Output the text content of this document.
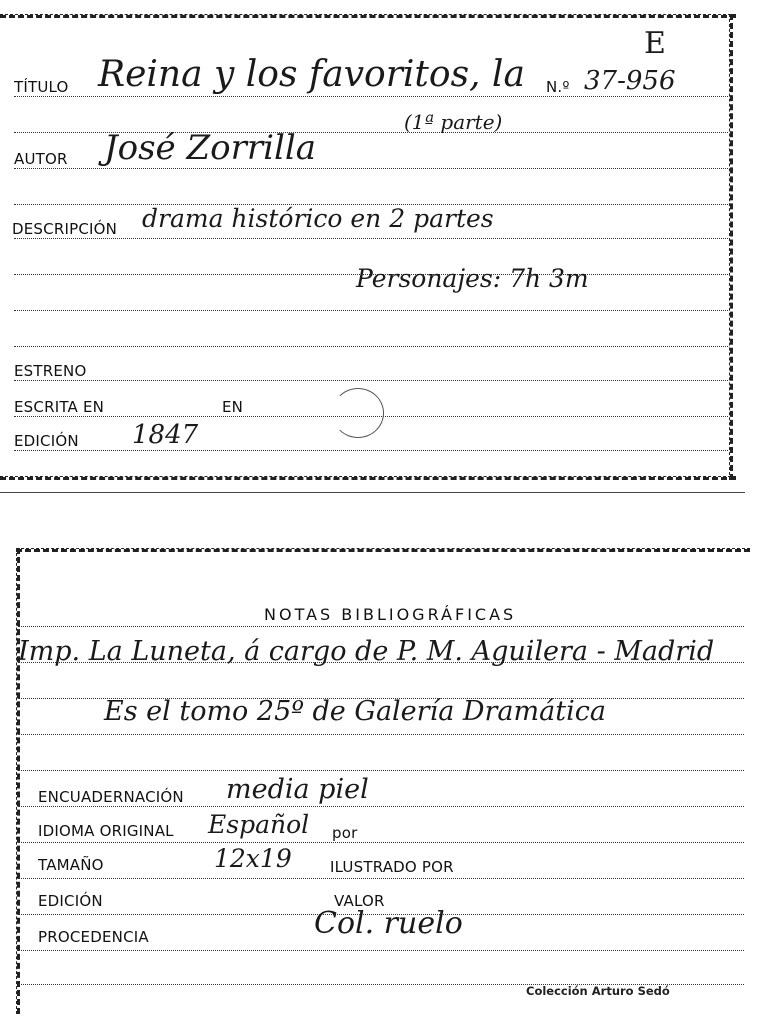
E
TÍTULO Reina y los favoritos, la N.º 37-956
(1ª parte)
AUTOR José Zorrilla
DESCRIPCIÓN drama histórico en 2 partes
Personajes: 7h 3m
ESTRENO
ESCRITA EN	EN
EDICIÓN 1847
NOTAS BIBLIOGRÁFICAS
Imp. La Luneta, á cargo de P. M. Aguilera - Madrid
Es el tomo 25º de Galería Dramática
ENCUADERNACIÓN media piel
IDIOMA ORIGINAL Español por
TAMAÑO	12x19	ILUSTRADO POR
EDICIÓN	VALOR
PROCEDENCIA	Col. ruelo
Colección Arturo Sedó
